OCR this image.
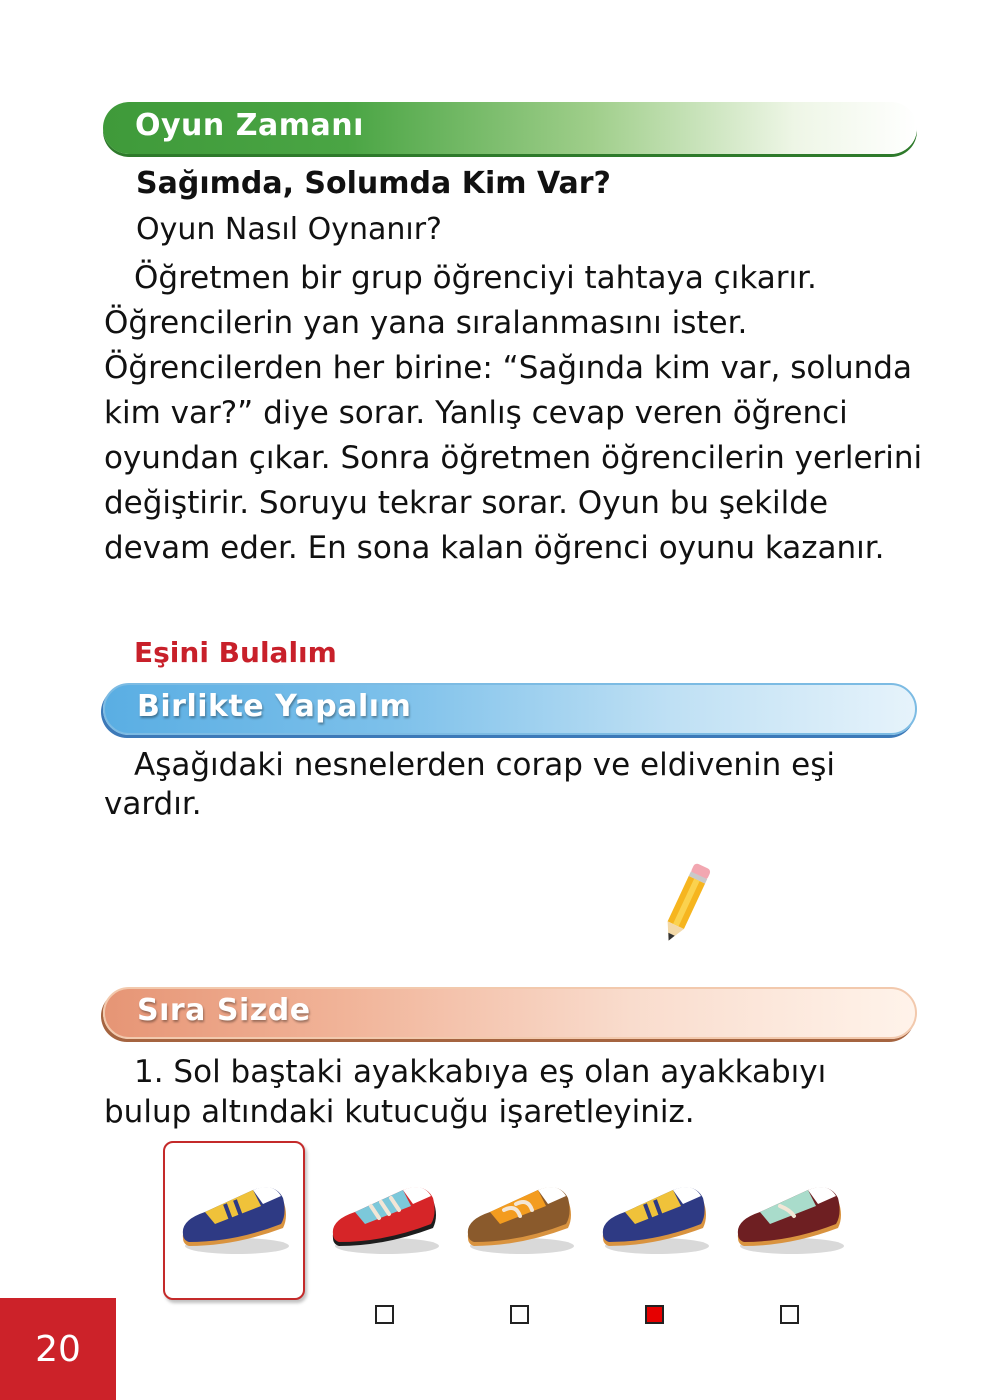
Oyun Zamanı
Sağımda, Solumda Kim Var?
Oyun Nasıl Oynanır?
Öğretmen bir grup öğrenciyi tahtaya çıkarır.
Öğrencilerin yan yana sıralanmasını ister.
Öğrencilerden her birine: “Sağında kim var, solunda
kim var?” diye sorar. Yanlış cevap veren öğrenci
oyundan çıkar. Sonra öğretmen öğrencilerin yerlerini
değiştirir. Soruyu tekrar sorar. Oyun bu şekilde
devam eder. En sona kalan öğrenci oyunu kazanır.
Eşini Bulalım
Birlikte Yapalım
Aşağıdaki nesnelerden corap ve eldivenin eşi
vardır.
Sıra Sizde
1. Sol baştaki ayakkabıya eş olan ayakkabıyı
bulup altındaki kutucuğu işaretleyiniz.
20
